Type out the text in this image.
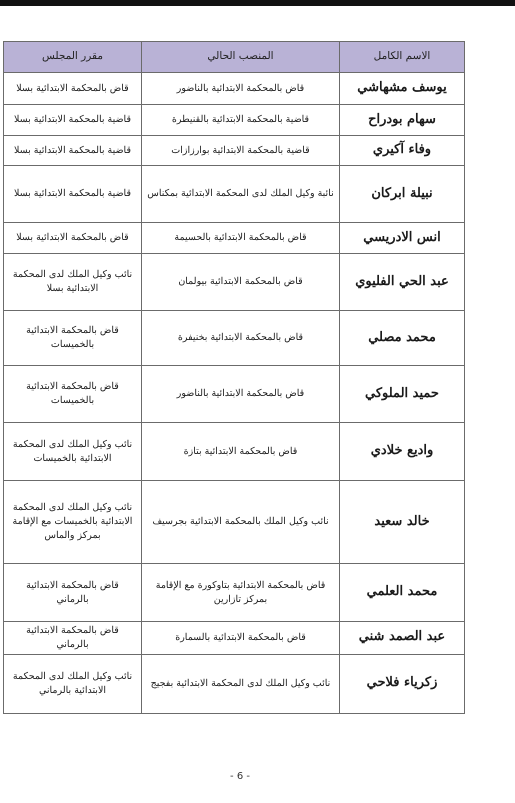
الاسم الكامل	المنصب الحالي	مقرر المجلس
يوسف مشهاشي	قاض بالمحكمة الابتدائية بالناضور	قاض بالمحكمة الابتدائية بسلا
سهام بودراح	قاضية بالمحكمة الابتدائية بالقنيطرة	قاضية بالمحكمة الابتدائية بسلا
وفاء آكيري	قاضية بالمحكمة الابتدائية بوارزازات	قاضية بالمحكمة الابتدائية بسلا
نبيلة ابركان	نائبة وكيل الملك لدى المحكمة الابتدائية بمكناس	قاضية بالمحكمة الابتدائية بسلا
انس الادريسي	قاض بالمحكمة الابتدائية بالحسيمة	قاض بالمحكمة الابتدائية بسلا
عبد الحي الفليوي	قاض بالمحكمة الابتدائية بيولمان	نائب وكيل الملك لدى المحكمة الابتدائية بسلا
محمد مصلي	قاض بالمحكمة الابتدائية بخنيفرة	قاض بالمحكمة الابتدائية بالخميسات
حميد الملوكي	قاض بالمحكمة الابتدائية بالناضور	قاض بالمحكمة الابتدائية بالخميسات
واديع خلادي	قاض بالمحكمة الابتدائية بتازة	نائب وكيل الملك لدى المحكمة الابتدائية بالخميسات
خالد سعيد	نائب وكيل الملك بالمحكمة الابتدائية بجرسيف	نائب وكيل الملك لدى المحكمة الابتدائية بالخميسات مع الإقامة بمركز والماس
محمد العلمي	قاض بالمحكمة الابتدائية بتاوكورة مع الإقامة بمركز تازارين	قاض بالمحكمة الابتدائية بالرماني
عبد الصمد شني	قاض بالمحكمة الابتدائية بالسمارة	قاض بالمحكمة الابتدائية بالرماني
زكرياء فلاحي	نائب وكيل الملك لدى المحكمة الابتدائية بفجيج	نائب وكيل الملك لدى المحكمة الابتدائية بالرماني
- 6 -
